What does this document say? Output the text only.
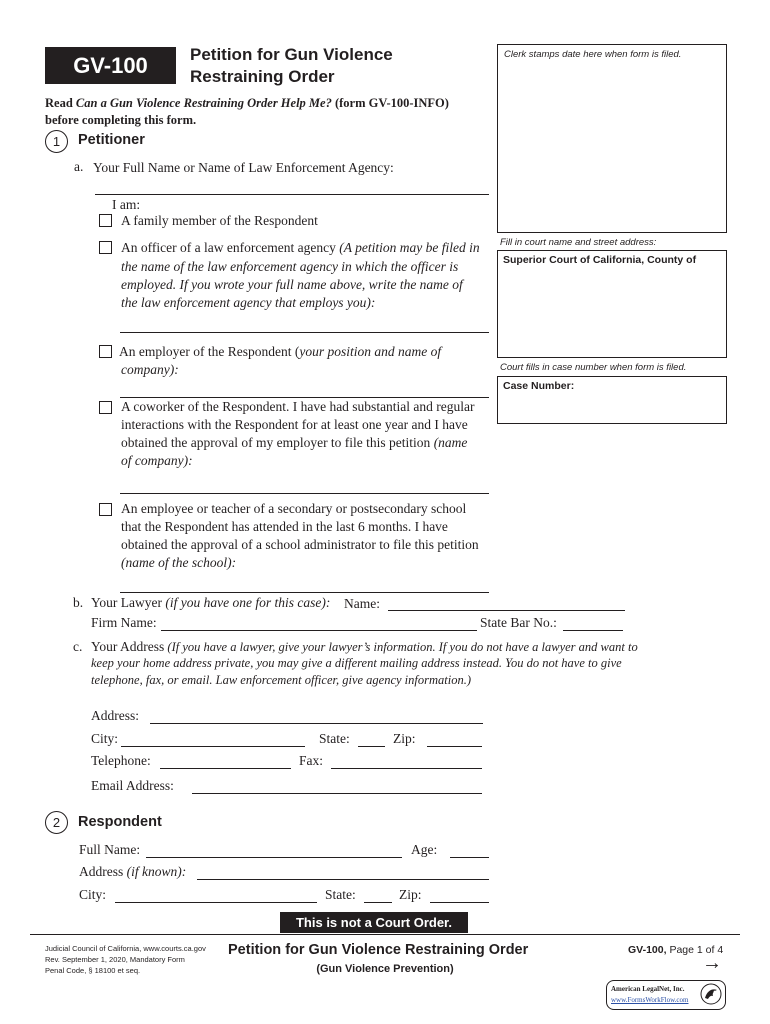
GV-100	Petition for Gun Violence
Restraining Order
Read Can a Gun Violence Restraining Order Help Me? (form GV-100-INFO)
before completing this form.
Clerk stamps date here when form is filed.
Fill in court name and street address:
Superior Court of California, County of
Court fills in case number when form is filed.
Case Number:
1	Petitioner
a. Your Full Name or Name of Law Enforcement Agency:
I am:
A family member of the Respondent
An officer of a law enforcement agency (A petition may be filed in
the name of the law enforcement agency in which the officer is
employed. If you wrote your full name above, write the name of
the law enforcement agency that employs you):
An employer of the Respondent (your position and name of
company):
A coworker of the Respondent. I have had substantial and regular
interactions with the Respondent for at least one year and I have
obtained the approval of my employer to file this petition (name
of company):
An employee or teacher of a secondary or postsecondary school
that the Respondent has attended in the last 6 months. I have
obtained the approval of a school administrator to file this petition
(name of the school):
b. Your Lawyer (if you have one for this case): Name:
Firm Name:	State Bar No.:
c. Your Address (If you have a lawyer, give your lawyer’s information. If you do not have a lawyer and want to
keep your home address private, you may give a different mailing address instead. You do not have to give
telephone, fax, or email. Law enforcement officer, give agency information.)
Address:
City:	State:	Zip:
Telephone:	Fax:
Email Address:
2	Respondent
Full Name:	Age:
Address (if known):
City:	State:	Zip:
This is not a Court Order.
Judicial Council of California, www.courts.ca.gov
Rev. September 1, 2020, Mandatory Form
Penal Code, § 18100 et seq.
Petition for Gun Violence Restraining Order
(Gun Violence Prevention)
GV-100, Page 1 of 4
→
American LegalNet, Inc.
www.FormsWorkFlow.com
